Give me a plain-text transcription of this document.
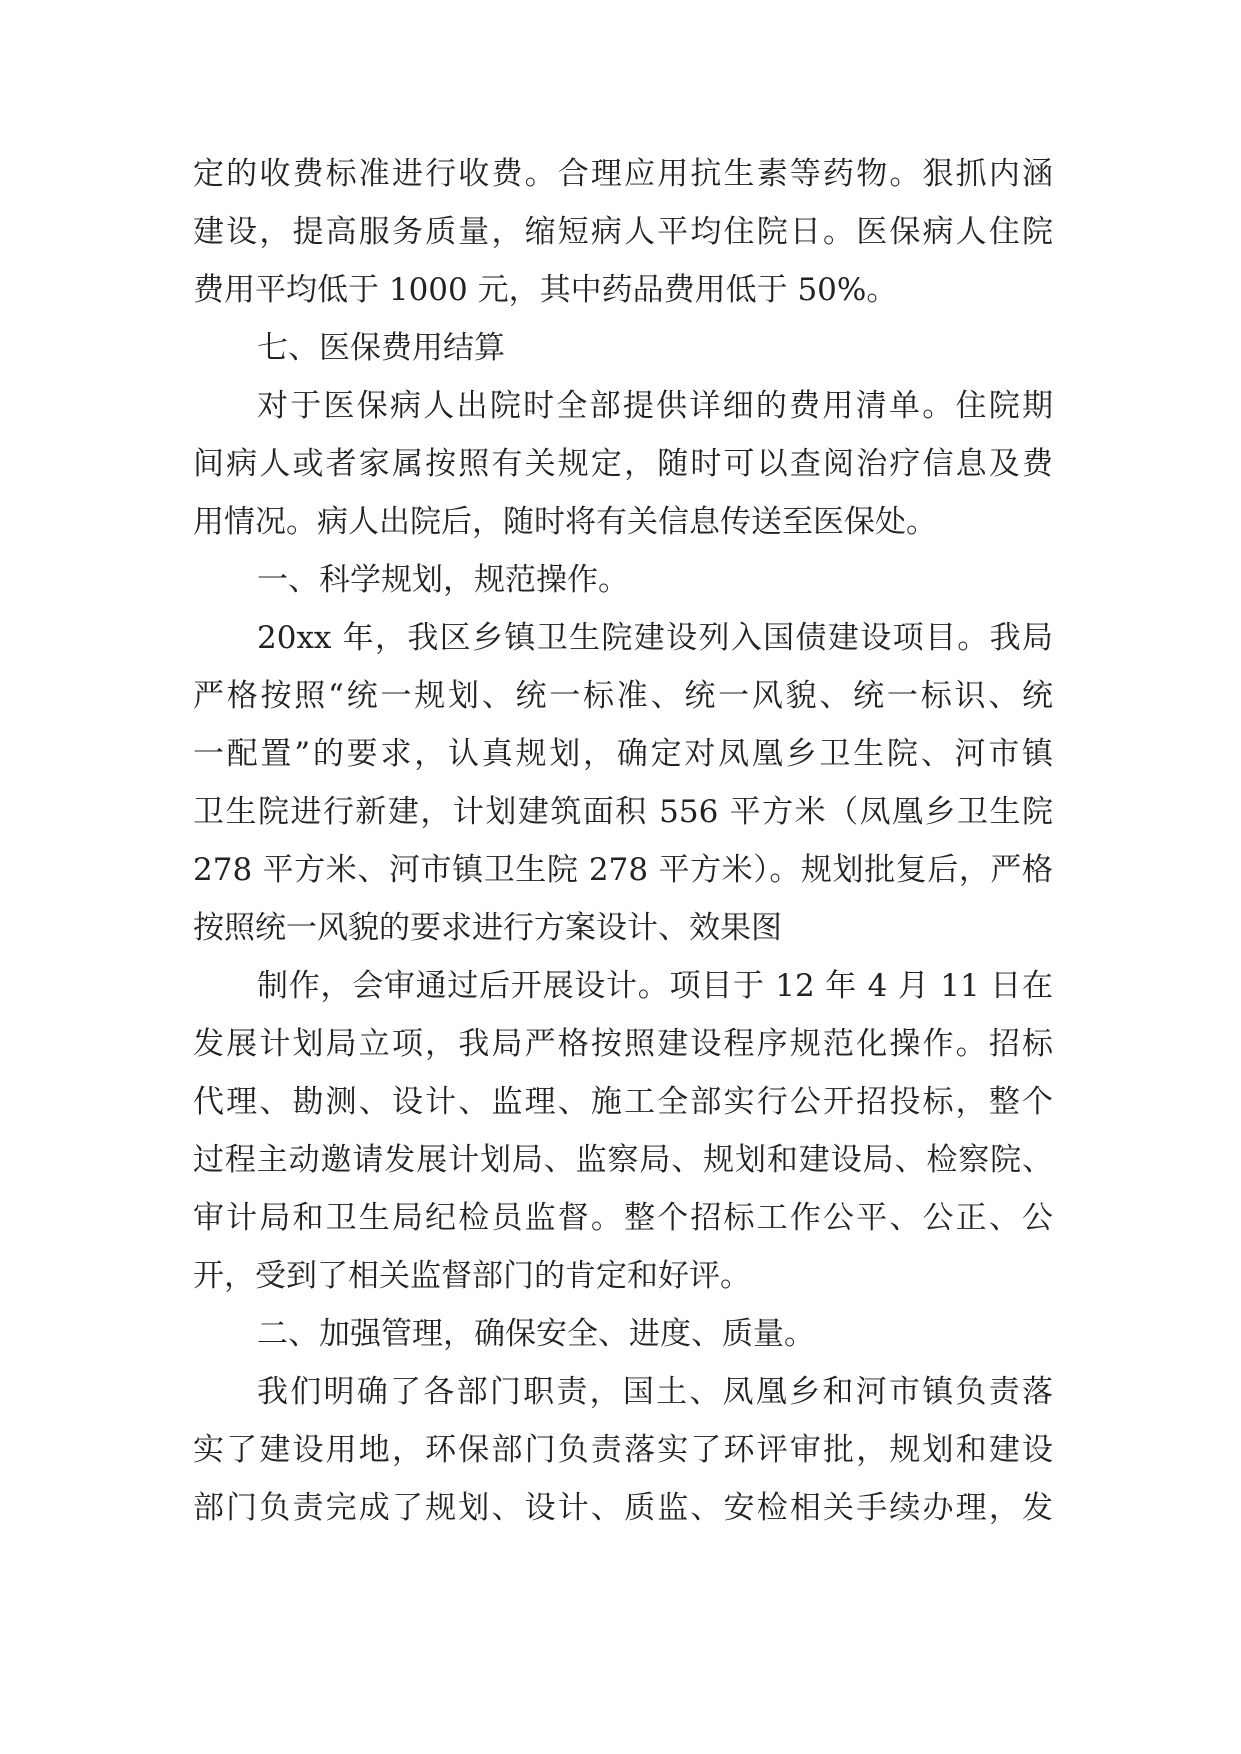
定的收费标准进行收费。合理应用抗生素等药物。狠抓内涵
建设，提高服务质量，缩短病人平均住院日。医保病人住院
费用平均低于 1000 元，其中药品费用低于 50%。
七、医保费用结算
对于医保病人出院时全部提供详细的费用清单。住院期
间病人或者家属按照有关规定，随时可以查阅治疗信息及费
用情况。病人出院后，随时将有关信息传送至医保处。
一、科学规划，规范操作。
20xx 年，我区乡镇卫生院建设列入国债建设项目。我局
严格按照“统一规划、统一标准、统一风貌、统一标识、统
一配置”的要求，认真规划，确定对凤凰乡卫生院、河市镇
卫生院进行新建，计划建筑面积 556 平方米（凤凰乡卫生院
278 平方米、河市镇卫生院 278 平方米）。规划批复后，严格
按照统一风貌的要求进行方案设计、效果图
制作，会审通过后开展设计。项目于 12 年 4 月 11 日在
发展计划局立项，我局严格按照建设程序规范化操作。招标
代理、勘测、设计、监理、施工全部实行公开招投标，整个
过程主动邀请发展计划局、监察局、规划和建设局、检察院、
审计局和卫生局纪检员监督。整个招标工作公平、公正、公
开，受到了相关监督部门的肯定和好评。
二、加强管理，确保安全、进度、质量。
我们明确了各部门职责，国土、凤凰乡和河市镇负责落
实了建设用地，环保部门负责落实了环评审批，规划和建设
部门负责完成了规划、设计、质监、安检相关手续办理，发
